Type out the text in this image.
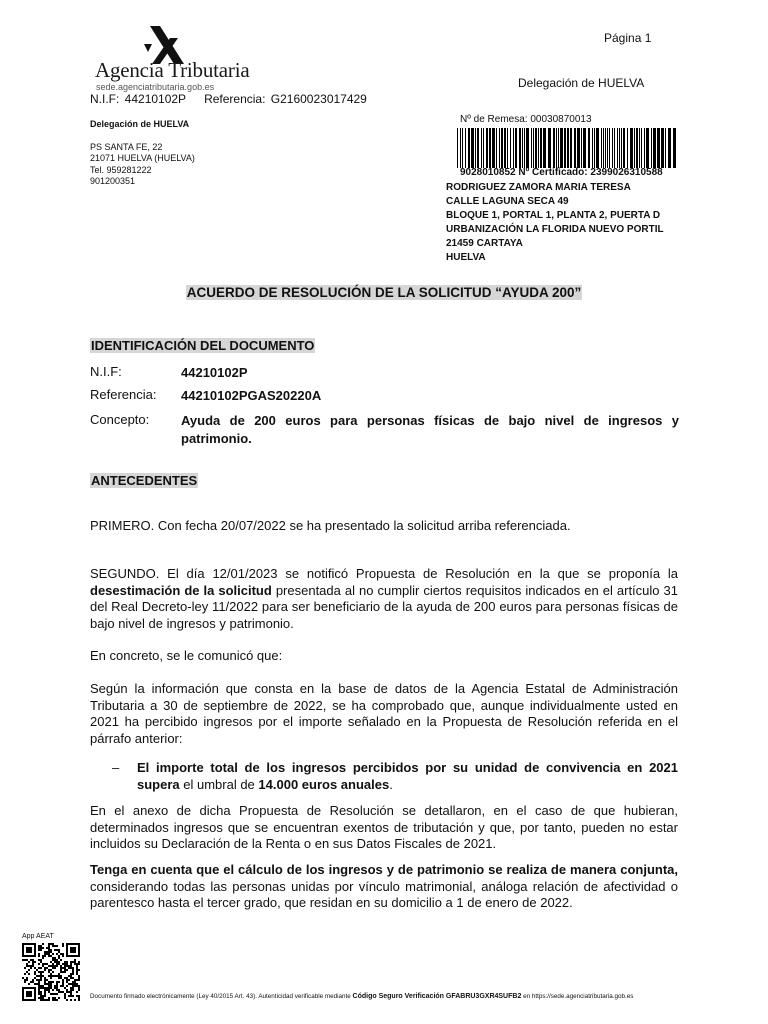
Agencia Tributaria
sede.agenciatributaria.gob.es
Página 1
Delegación de HUELVA
N.I.F: 44210102P Referencia: G2160023017429
Delegación de HUELVA
PS SANTA FE, 22
21071 HUELVA (HUELVA)
Tel. 959281222
901200351
Nº de Remesa: 00030870013
9028010852 Nº Certificado: 2399026310588
RODRIGUEZ ZAMORA MARIA TERESA
CALLE LAGUNA SECA 49
BLOQUE 1, PORTAL 1, PLANTA 2, PUERTA D
URBANIZACIÓN LA FLORIDA NUEVO PORTIL
21459 CARTAYA
HUELVA
ACUERDO DE RESOLUCIÓN DE LA SOLICITUD “AYUDA 200”
IDENTIFICACIÓN DEL DOCUMENTO
N.I.F:	44210102P
Referencia: 44210102PGAS20220A
Concepto: Ayuda de 200 euros para personas físicas de bajo nivel de ingresos y patrimonio.
ANTECEDENTES
PRIMERO. Con fecha 20/07/2022 se ha presentado la solicitud arriba referenciada.
SEGUNDO. El día 12/01/2023 se notificó Propuesta de Resolución en la que se proponía la desestimación de la solicitud presentada al no cumplir ciertos requisitos indicados en el artículo 31 del Real Decreto-ley 11/2022 para ser beneficiario de la ayuda de 200 euros para personas físicas de bajo nivel de ingresos y patrimonio.
En concreto, se le comunicó que:
Según la información que consta en la base de datos de la Agencia Estatal de Administración Tributaria a 30 de septiembre de 2022, se ha comprobado que, aunque individualmente usted en 2021 ha percibido ingresos por el importe señalado en la Propuesta de Resolución referida en el párrafo anterior:
– El importe total de los ingresos percibidos por su unidad de convivencia en 2021 supera el umbral de 14.000 euros anuales.
En el anexo de dicha Propuesta de Resolución se detallaron, en el caso de que hubieran, determinados ingresos que se encuentran exentos de tributación y que, por tanto, pueden no estar incluidos su Declaración de la Renta o en sus Datos Fiscales de 2021.
Tenga en cuenta que el cálculo de los ingresos y de patrimonio se realiza de manera conjunta, considerando todas las personas unidas por vínculo matrimonial, análoga relación de afectividad o parentesco hasta el tercer grado, que residan en su domicilio a 1 de enero de 2022.
App AEAT
Documento firmado electrónicamente (Ley 40/2015 Art. 43). Autenticidad verificable mediante Código Seguro Verificación GFABRU3GXR4SUFB2 en https://sede.agenciatributaria.gob.es
